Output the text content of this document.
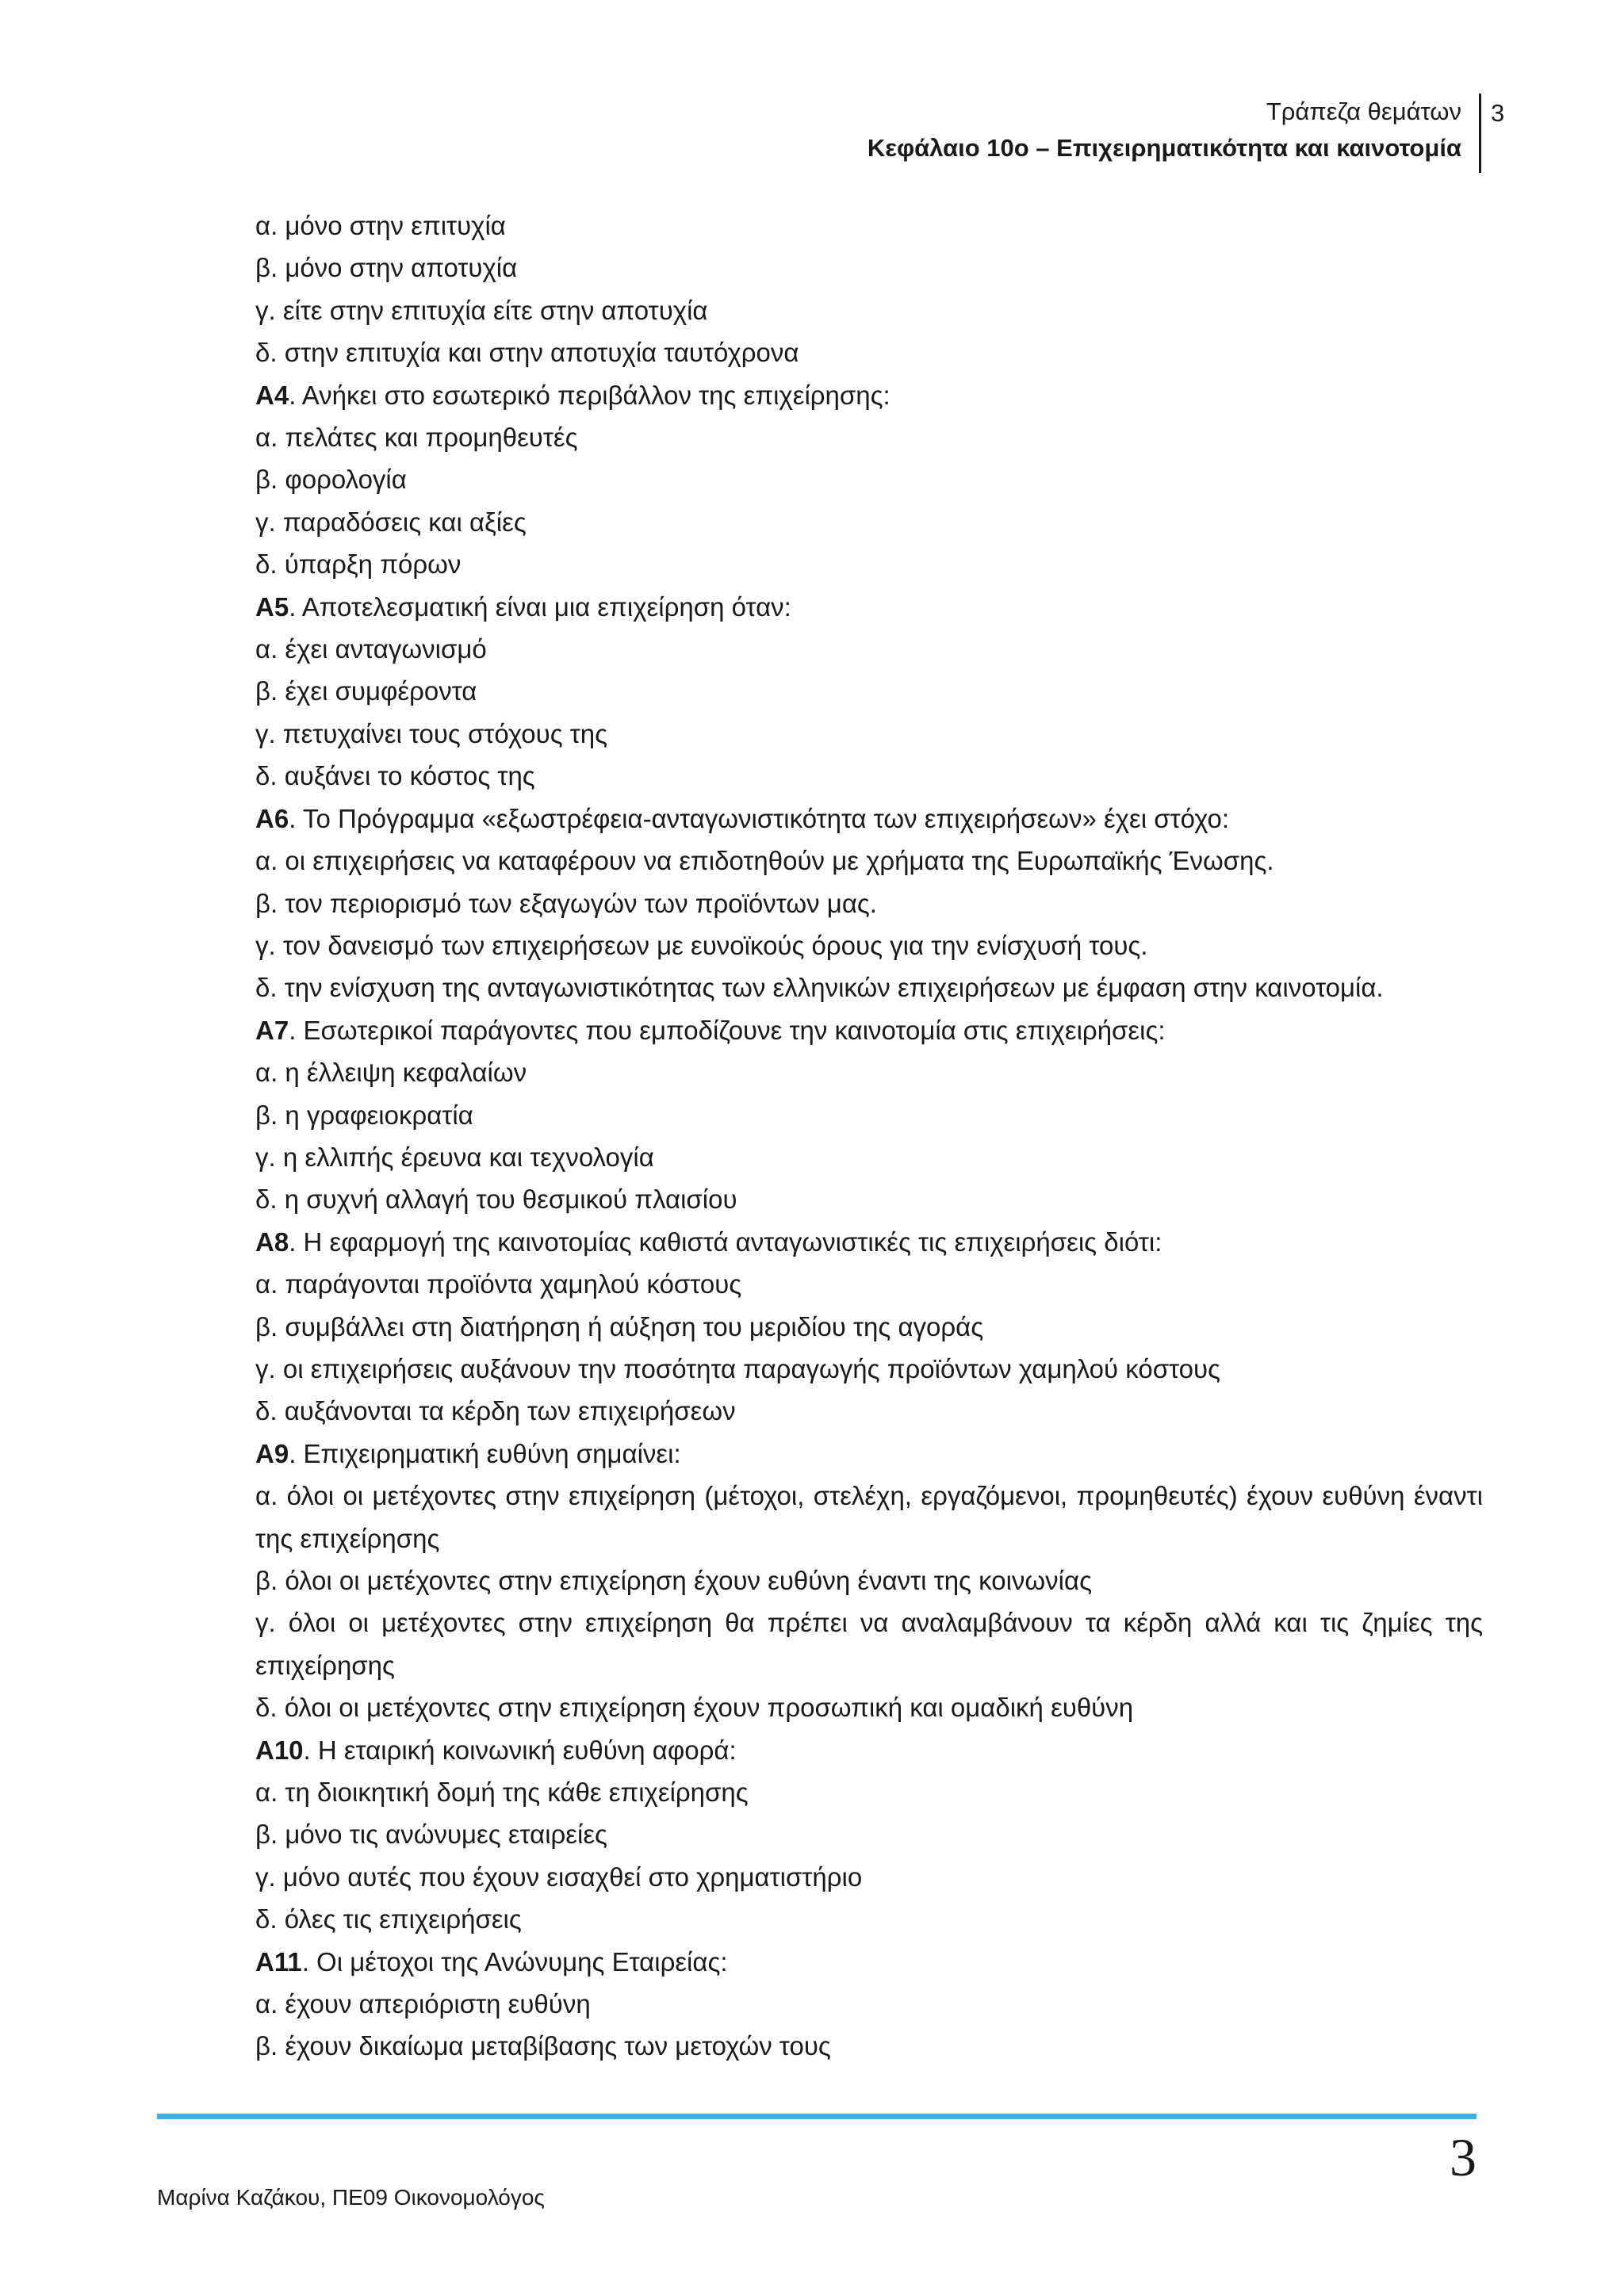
Τράπεζα θεμάτων
Κεφάλαιο 10ο – Επιχειρηματικότητα και καινοτομία
3

α. μόνο στην επιτυχία

β. μόνο στην αποτυχία

γ. είτε στην επιτυχία είτε στην αποτυχία

δ. στην επιτυχία και στην αποτυχία ταυτόχρονα

Α4. Ανήκει στο εσωτερικό περιβάλλον της επιχείρησης:

α. πελάτες και προμηθευτές

β. φορολογία

γ. παραδόσεις και αξίες

δ. ύπαρξη πόρων

Α5. Αποτελεσματική είναι μια επιχείρηση όταν:

α. έχει ανταγωνισμό

β. έχει συμφέροντα

γ. πετυχαίνει τους στόχους της

δ. αυξάνει το κόστος της

Α6. Το Πρόγραμμα «εξωστρέφεια-ανταγωνιστικότητα των επιχειρήσεων» έχει στόχο:

α. οι επιχειρήσεις να καταφέρουν να επιδοτηθούν με χρήματα της Ευρωπαϊκής Ένωσης.

β. τον περιορισμό των εξαγωγών των προϊόντων μας.

γ. τον δανεισμό των επιχειρήσεων με ευνοϊκούς όρους για την ενίσχυσή τους.

δ. την ενίσχυση της ανταγωνιστικότητας των ελληνικών επιχειρήσεων με έμφαση στην καινοτομία.

Α7. Εσωτερικοί παράγοντες που εμποδίζουνε την καινοτομία στις επιχειρήσεις:

α. η έλλειψη κεφαλαίων

β. η γραφειοκρατία

γ. η ελλιπής έρευνα και τεχνολογία

δ. η συχνή αλλαγή του θεσμικού πλαισίου

Α8. Η εφαρμογή της καινοτομίας καθιστά ανταγωνιστικές τις επιχειρήσεις διότι:

α. παράγονται προϊόντα χαμηλού κόστους

β. συμβάλλει στη διατήρηση ή αύξηση του μεριδίου της αγοράς

γ. οι επιχειρήσεις αυξάνουν την ποσότητα παραγωγής προϊόντων χαμηλού κόστους

δ. αυξάνονται τα κέρδη των επιχειρήσεων

Α9. Επιχειρηματική ευθύνη σημαίνει:

α. όλοι οι μετέχοντες στην επιχείρηση (μέτοχοι, στελέχη, εργαζόμενοι, προμηθευτές) έχουν ευθύνη έναντι της επιχείρησης

β. όλοι οι μετέχοντες στην επιχείρηση έχουν ευθύνη έναντι της κοινωνίας

γ. όλοι οι μετέχοντες στην επιχείρηση θα πρέπει να αναλαμβάνουν τα κέρδη αλλά και τις ζημίες της επιχείρησης

δ. όλοι οι μετέχοντες στην επιχείρηση έχουν προσωπική και ομαδική ευθύνη

Α10. Η εταιρική κοινωνική ευθύνη αφορά:

α. τη διοικητική δομή της κάθε επιχείρησης

β. μόνο τις ανώνυμες εταιρείες

γ. μόνο αυτές που έχουν εισαχθεί στο χρηματιστήριο

δ. όλες τις επιχειρήσεις

Α11. Οι μέτοχοι της Ανώνυμης Εταιρείας:

α. έχουν απεριόριστη ευθύνη

β. έχουν δικαίωμα μεταβίβασης των μετοχών τους

3
Μαρίνα Καζάκου, ΠΕ09 Οικονομολόγος
